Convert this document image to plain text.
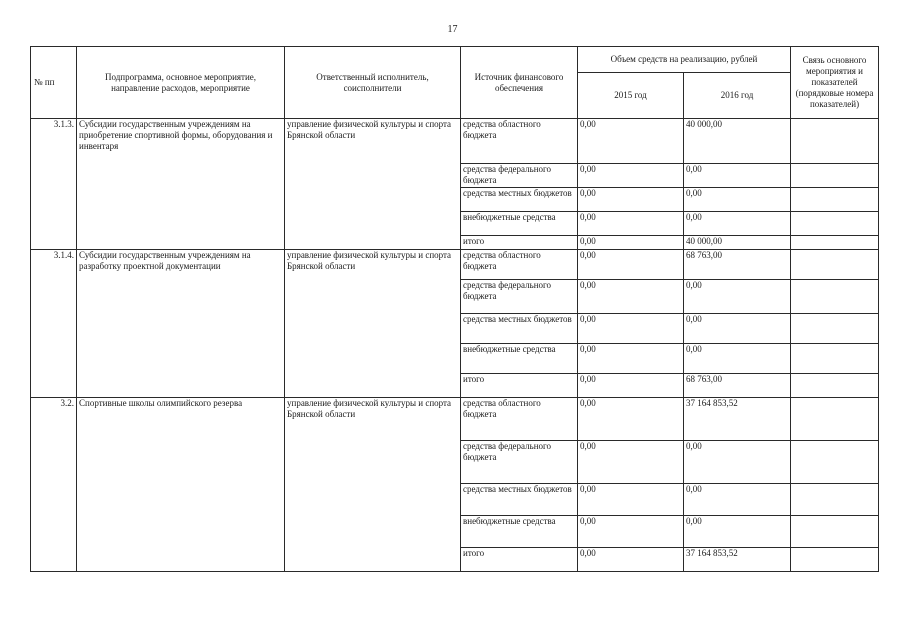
17
№ пп	Подпрограмма, основное мероприятие, направление расходов, мероприятие	Ответственный исполнитель, соисполнители	Источник финансового обеспечения	Объем средств на реализацию, рублей		Связь основного мероприятия и показателей (порядковые номера показателей)
				2015 год	2016 год	
3.1.3.	Субсидии государственным учреждениям на приобретение спортивной формы, оборудования и инвентаря	управление физической культуры и спорта Брянской области	средства областного бюджета	0,00	40 000,00	
			средства федерального бюджета	0,00	0,00	
			средства местных бюджетов	0,00	0,00	
			внебюджетные средства	0,00	0,00	
			итого	0,00	40 000,00	
3.1.4.	Субсидии государственным учреждениям на разработку проектной документации	управление физической культуры и спорта Брянской области	средства областного бюджета	0,00	68 763,00	
			средства федерального бюджета	0,00	0,00	
			средства местных бюджетов	0,00	0,00	
			внебюджетные средства	0,00	0,00	
			итого	0,00	68 763,00	
3.2.	Спортивные школы олимпийского резерва	управление физической культуры и спорта Брянской области	средства областного бюджета	0,00	37 164 853,52	
			средства федерального бюджета	0,00	0,00	
			средства местных бюджетов	0,00	0,00	
			внебюджетные средства	0,00	0,00	
			итого	0,00	37 164 853,52	
